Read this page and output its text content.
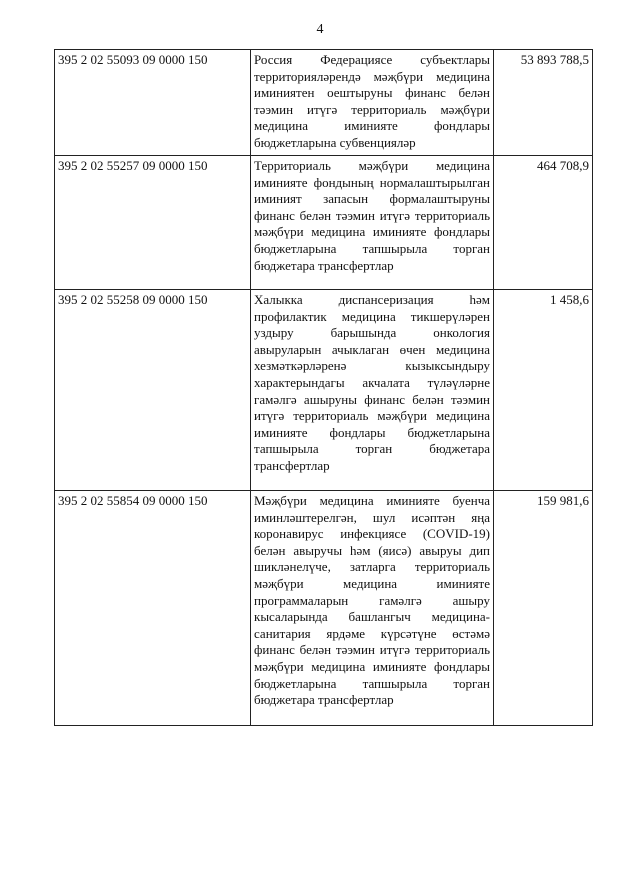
4
395 2 02 55093 09 0000 150	Россия Федерациясе субъектлары территорияләрендә мәҗбүри медицина иминиятен оештыруны финанс белән тәэмин итүгә территориаль мәҗбүри медицина иминияте фондлары бюджетларына субвенцияләр	53 893 788,5
395 2 02 55257 09 0000 150	Территориаль мәҗбүри медицина иминияте фондының нормалаштырылган иминият запасын формалаштыруны финанс белән тәэмин итүгә территориаль мәҗбүри медицина иминияте фондлары бюджетларына тапшырыла торган бюджетара трансфертлар	464 708,9
395 2 02 55258 09 0000 150	Халыкка диспансеризация һәм профилактик медицина тикшерүләрен уздыру барышында онкология авыруларын ачыклаган өчен медицина хезмәткәрләренә кызыксындыру характерындагы акчалата түләүләрне гамәлгә ашыруны финанс белән тәэмин итүгә территориаль мәҗбүри медицина иминияте фондлары бюджетларына тапшырыла торган бюджетара трансфертлар	1 458,6
395 2 02 55854 09 0000 150	Мәҗбүри медицина иминияте буенча иминләштерелгән, шул исәптән яңа коронавирус инфекциясе (COVID-19) белән авыручы һәм (яисә) авыруы дип шикләнелүче, затларга территориаль мәҗбүри медицина иминияте программаларын гамәлгә ашыру кысаларында башлангыч медицина-санитария ярдәме күрсәтүне өстәмә финанс белән тәэмин итүгә территориаль мәҗбүри медицина иминияте фондлары бюджетларына тапшырыла торган бюджетара трансфертлар	159 981,6
